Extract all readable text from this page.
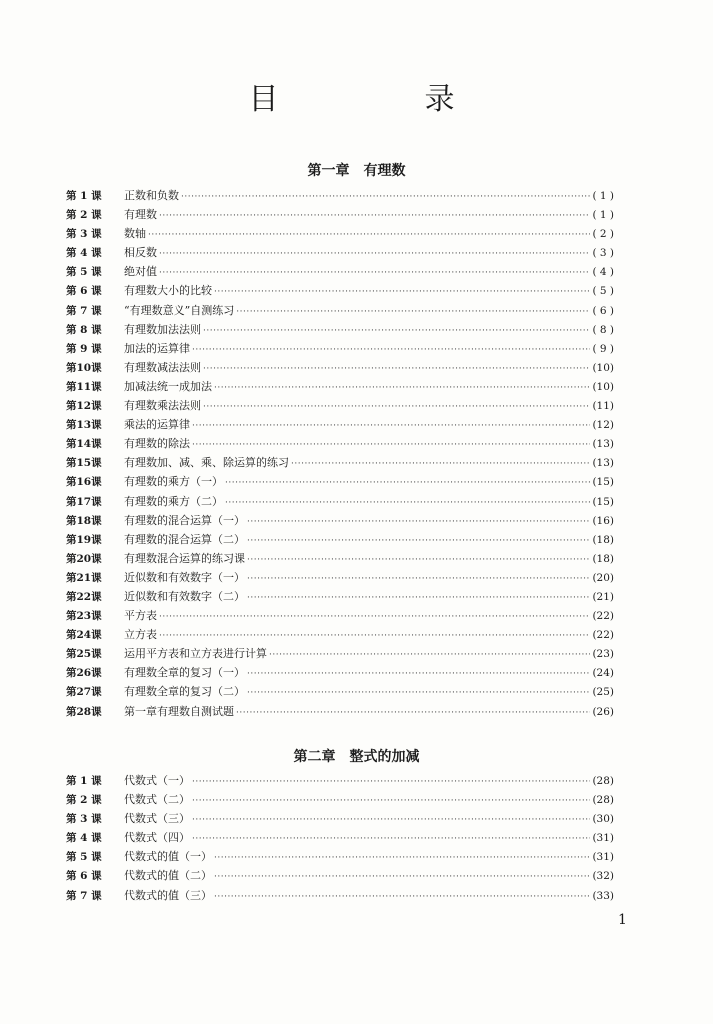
目　录
第一章 有理数
第 1 课	正数和负数 ·····	( 1 )
第 2 课	有理数 ·····	( 1 )
第 3 课	数轴 ·····	( 2 )
第 4 课	相反数 ·····	( 3 )
第 5 课	绝对值 ·····	( 4 )
第 6 课	有理数大小的比较 ·····	( 5 )
第 7 课	“有理数意义”自测练习 ·····	( 6 )
第 8 课	有理数加法法则 ·····	( 8 )
第 9 课	加法的运算律 ·····	( 9 )
第10课	有理数减法法则 ·····	(10)
第11课	加减法统一成加法 ·····	(10)
第12课	有理数乘法法则 ·····	(11)
第13课	乘法的运算律 ·····	(12)
第14课	有理数的除法 ·····	(13)
第15课	有理数加、减、乘、除运算的练习 ·····	(13)
第16课	有理数的乘方（一） ·····	(15)
第17课	有理数的乘方（二） ·····	(15)
第18课	有理数的混合运算（一） ·····	(16)
第19课	有理数的混合运算（二） ·····	(18)
第20课	有理数混合运算的练习课 ·····	(18)
第21课	近似数和有效数字（一） ·····	(20)
第22课	近似数和有效数字（二） ·····	(21)
第23课	平方表 ·····	(22)
第24课	立方表 ·····	(22)
第25课	运用平方表和立方表进行计算 ·····	(23)
第26课	有理数全章的复习（一） ·····	(24)
第27课	有理数全章的复习（二） ·····	(25)
第28课	第一章有理数自测试题 ·····	(26)
第二章 整式的加减
第 1 课	代数式（一） ·····	(28)
第 2 课	代数式（二） ·····	(28)
第 3 课	代数式（三） ·····	(30)
第 4 课	代数式（四） ·····	(31)
第 5 课	代数式的值（一） ·····	(31)
第 6 课	代数式的值（二） ·····	(32)
第 7 课	代数式的值（三） ·····	(33)
1
